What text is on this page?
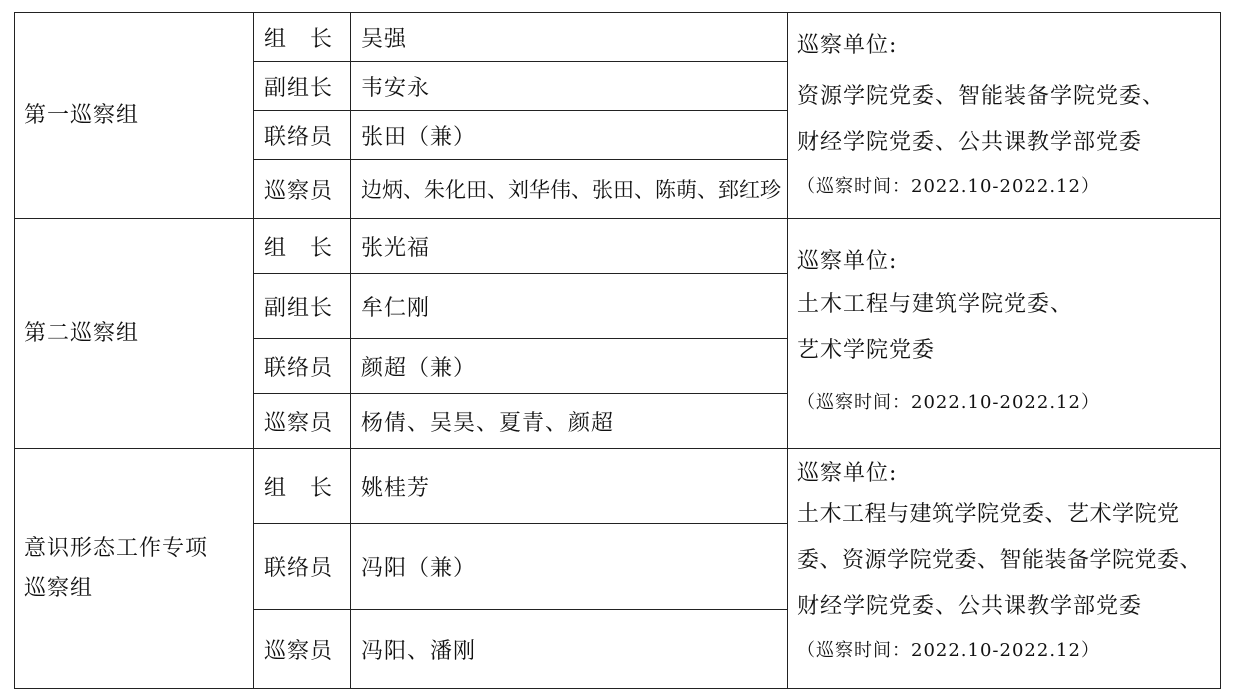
第一巡察组
组　长 吴强
副组长 韦安永
联络员 张田（兼）
巡察员 边炳、朱化田、刘华伟、张田、陈萌、郅红珍
巡察单位:
资源学院党委、智能装备学院党委、
财经学院党委、公共课教学部党委
（巡察时间：2022.10-2022.12）
第二巡察组
组　长 张光福
副组长 牟仁刚
联络员 颜超（兼）
巡察员 杨倩、吴昊、夏青、颜超
巡察单位:
土木工程与建筑学院党委、
艺术学院党委
（巡察时间：2022.10-2022.12）
意识形态工作专项
巡察组
组　长 姚桂芳
联络员 冯阳（兼）
巡察员 冯阳、潘刚
巡察单位:
土木工程与建筑学院党委、艺术学院党
委、资源学院党委、智能装备学院党委、
财经学院党委、公共课教学部党委
（巡察时间：2022.10-2022.12）
